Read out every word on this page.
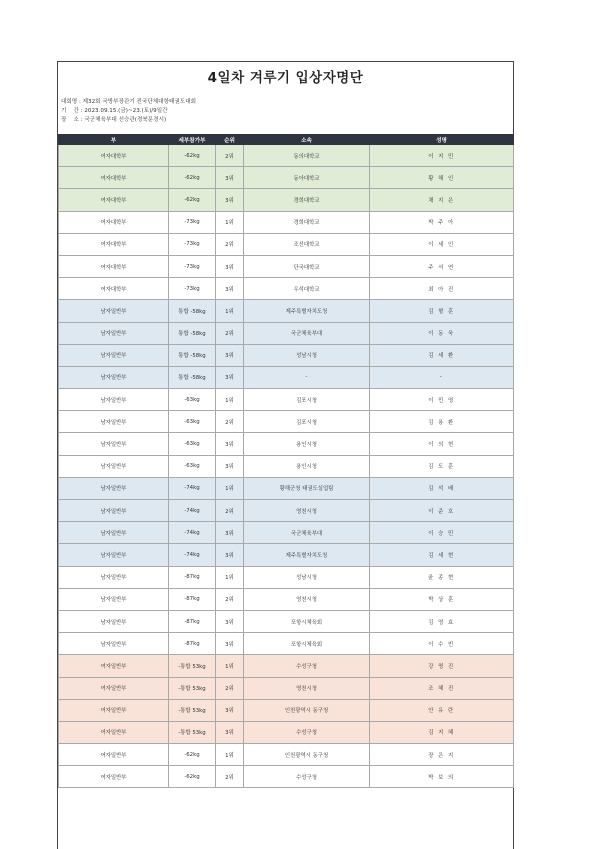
4일차 겨루기 입상자명단
대회명 : 제32회 국방부장관기 전국단체대항태권도대회
기    간 : 2023.09.15.(금)~23.(토)/9일간
장    소 : 국군체육부대 선승관(경북문경시)
부	세부참가부	순위	소속	성명
여자대학부	-62kg	2위	동의대학교	이 지 민
여자대학부	-62kg	3위	동아대학교	황 해 인
여자대학부	-62kg	3위	경희대학교	채 지 은
여자대학부	-73kg	1위	경희대학교	박 주 아
여자대학부	-73kg	2위	조선대학교	이 세 인
여자대학부	-73kg	3위	단국대학교	주 서 연
여자대학부	-73kg	3위	우석대학교	최 아 진
남자일반부	통합 -58kg	1위	제주특별자치도청	김 형 훈
남자일반부	통합 -58kg	2위	국군체육부대	이 동 욱
남자일반부	통합 -58kg	3위	성남시청	김 세 환
남자일반부	통합 -58kg	3위	-	-
남자일반부	-63kg	1위	김포시청	이 민 영
남자일반부	-63kg	2위	김포시청	김 용 환
남자일반부	-63kg	3위	용인시청	이 의 현
남자일반부	-63kg	3위	용인시청	김 도 훈
남자일반부	-74kg	1위	황해군청 태권도실업팀	김 석 배
남자일반부	-74kg	2위	영천시청	이 준 호
남자일반부	-74kg	3위	국군체육부대	이 승 민
남자일반부	-74kg	3위	제주특별자치도청	김 세 현
남자일반부	-87kg	1위	성남시청	윤 종 현
남자일반부	-87kg	2위	영천시청	박 상 훈
남자일반부	-87kg	3위	포항시체육회	김 영 효
남자일반부	-87kg	3위	포항시체육회	이 수 빈
여자일반부	-통합 53kg	1위	수성구청	강 명 진
여자일반부	-통합 53kg	2위	영천시청	조 혜 진
여자일반부	-통합 53kg	3위	인천광역시 동구청	안 유 란
여자일반부	-통합 53kg	3위	수성구청	김 지 혜
여자일반부	-62kg	1위	인천광역시 동구청	장 은 지
여자일반부	-62kg	2위	수성구청	박 보 의
